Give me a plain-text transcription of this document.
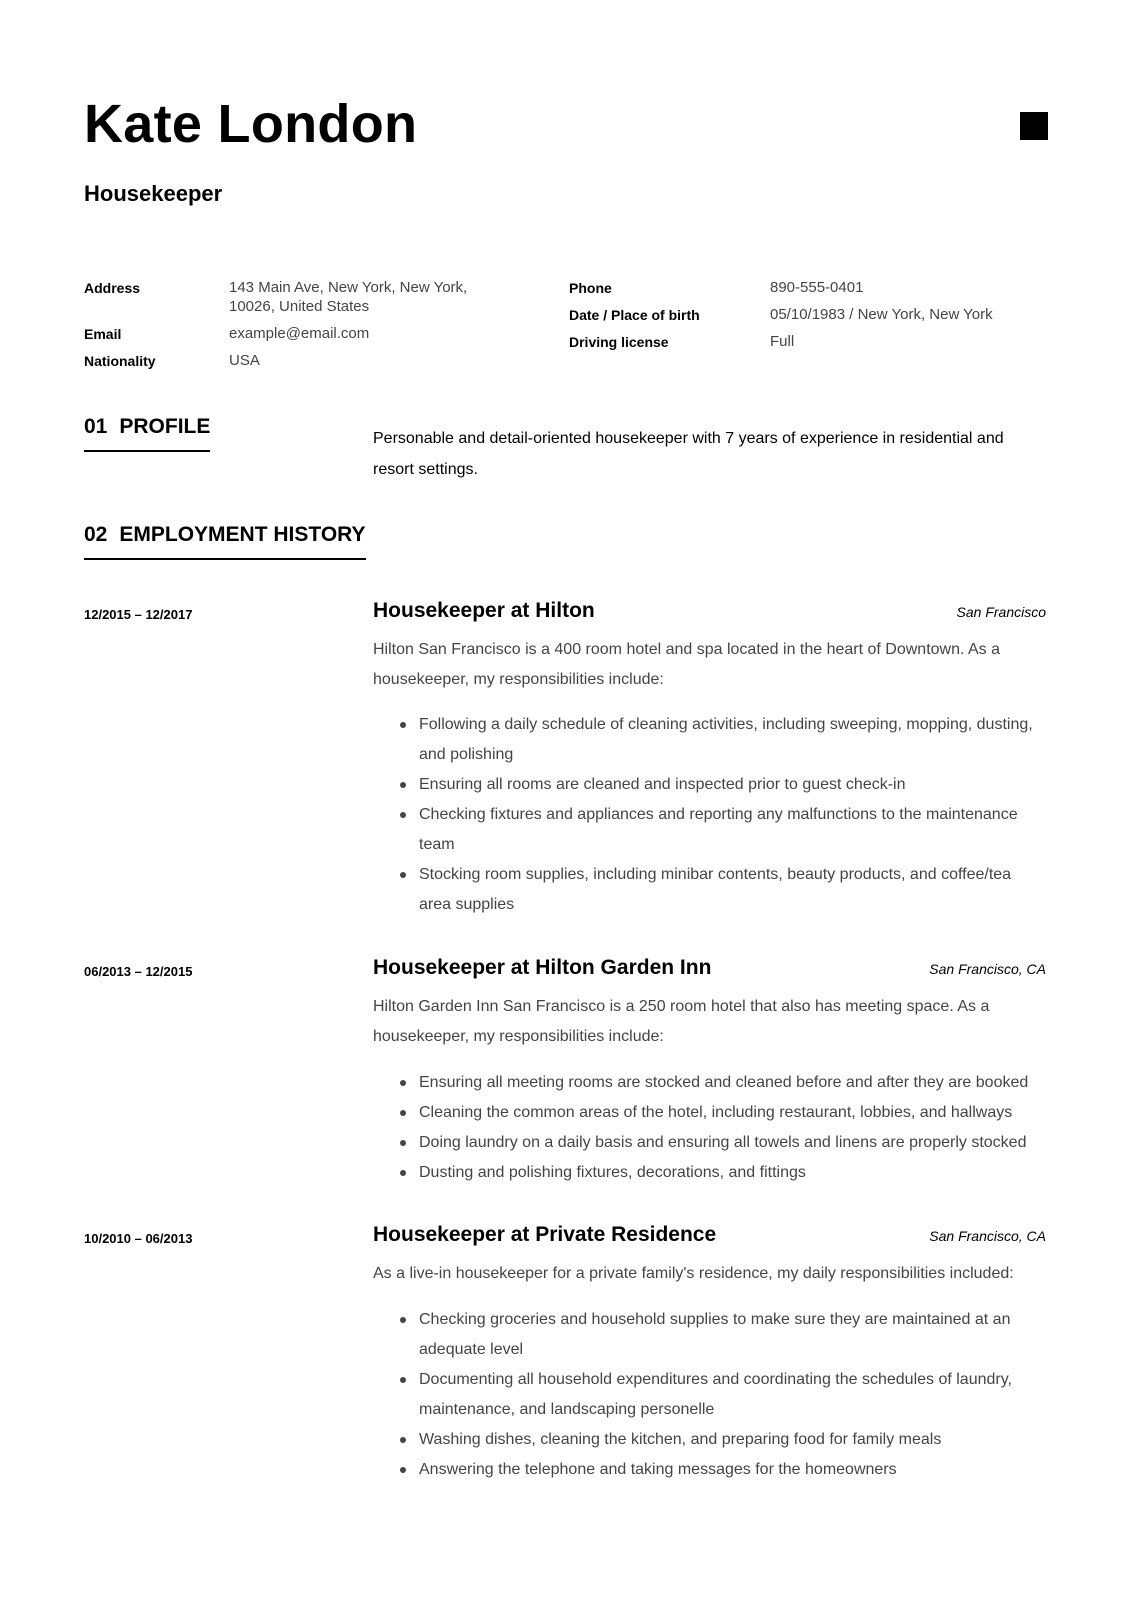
Kate London
Housekeeper
Address	143 Main Ave, New York, New York, 10026, United States
Email	example@email.com
Nationality	USA
Phone	890-555-0401
Date / Place of birth	05/10/1983 / New York, New York
Driving license	Full
01 PROFILE
Personable and detail-oriented housekeeper with 7 years of experience in residential and resort settings.
02 EMPLOYMENT HISTORY
12/2015 – 12/2017	Housekeeper at Hilton	San Francisco
Hilton San Francisco is a 400 room hotel and spa located in the heart of Downtown. As a housekeeper, my responsibilities include:
Following a daily schedule of cleaning activities, including sweeping, mopping, dusting, and polishing
Ensuring all rooms are cleaned and inspected prior to guest check-in
Checking fixtures and appliances and reporting any malfunctions to the maintenance team
Stocking room supplies, including minibar contents, beauty products, and coffee/tea area supplies
06/2013 – 12/2015	Housekeeper at Hilton Garden Inn	San Francisco, CA
Hilton Garden Inn San Francisco is a 250 room hotel that also has meeting space. As a housekeeper, my responsibilities include:
Ensuring all meeting rooms are stocked and cleaned before and after they are booked
Cleaning the common areas of the hotel, including restaurant, lobbies, and hallways
Doing laundry on a daily basis and ensuring all towels and linens are properly stocked
Dusting and polishing fixtures, decorations, and fittings
10/2010 – 06/2013	Housekeeper at Private Residence	San Francisco, CA
As a live-in housekeeper for a private family's residence, my daily responsibilities included:
Checking groceries and household supplies to make sure they are maintained at an adequate level
Documenting all household expenditures and coordinating the schedules of laundry, maintenance, and landscaping personelle
Washing dishes, cleaning the kitchen, and preparing food for family meals
Answering the telephone and taking messages for the homeowners
